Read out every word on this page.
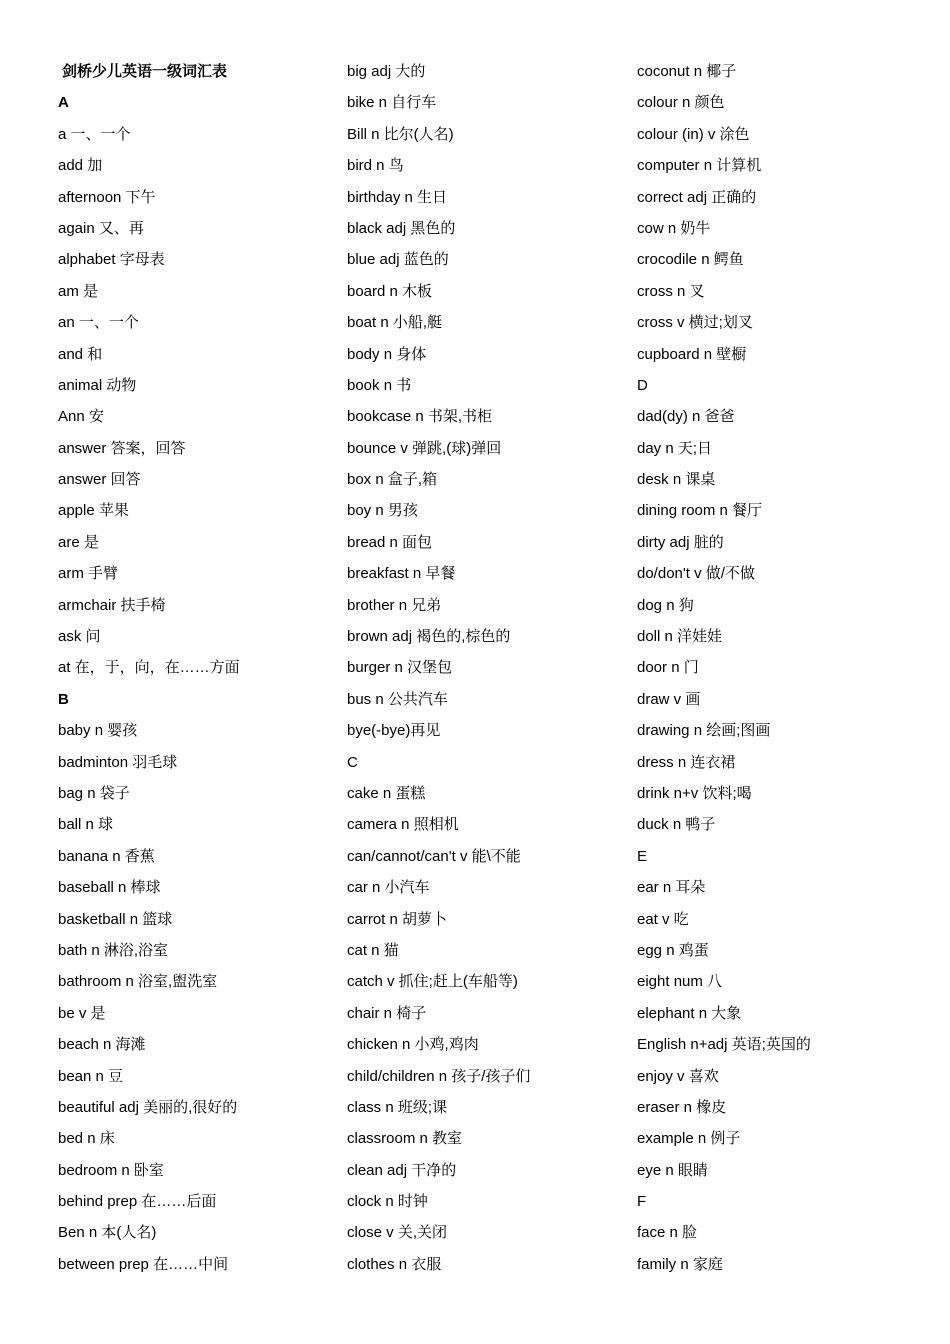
剑桥少儿英语一级词汇表
A
a 一、一个
add 加
afternoon 下午
again 又、再
alphabet 字母表
am 是
an 一、一个
and 和
animal 动物
Ann 安
answer 答案，回答
answer 回答
apple 苹果
are 是
arm 手臂
armchair 扶手椅
ask 问
at 在，于，向，在……方面
B
baby n 婴孩
badminton 羽毛球
bag n 袋子
ball n 球
banana n 香蕉
baseball n 棒球
basketball n 篮球
bath n 淋浴,浴室
bathroom n 浴室,盥洗室
be v 是
beach n 海滩
bean n 豆
beautiful adj 美丽的,很好的
bed n 床
bedroom n 卧室
behind prep 在……后面
Ben n 本(人名)
between prep 在……中间
big adj 大的
bike n 自行车
Bill n 比尔(人名)
bird n 鸟
birthday n 生日
black adj 黑色的
blue adj 蓝色的
board n 木板
boat n 小船,艇
body n 身体
book n 书
bookcase n 书架,书柜
bounce v 弹跳,(球)弹回
box n 盒子,箱
boy n 男孩
bread n 面包
breakfast n 早餐
brother n 兄弟
brown adj 褐色的,棕色的
burger n 汉堡包
bus n 公共汽车
bye(-bye)再见
C
cake n 蛋糕
camera n 照相机
can/cannot/can't v 能\不能
car n 小汽车
carrot n 胡萝卜
cat n 猫
catch v 抓住;赶上(车船等)
chair n 椅子
chicken n 小鸡,鸡肉
child/children n 孩子/孩子们
class n 班级;课
classroom n 教室
clean adj 干净的
clock n 时钟
close v 关,关闭
clothes n 衣服
coconut n 椰子
colour n 颜色
colour (in) v 涂色
computer n 计算机
correct adj 正确的
cow n 奶牛
crocodile n 鳄鱼
cross n 叉
cross v 横过;划叉
cupboard n 壁橱
D
dad(dy) n 爸爸
day n 天;日
desk n 课桌
dining room n 餐厅
dirty adj 脏的
do/don't v 做/不做
dog n 狗
doll n 洋娃娃
door n 门
draw v 画
drawing n 绘画;图画
dress n 连衣裙
drink n+v 饮料;喝
duck n 鸭子
E
ear n 耳朵
eat v 吃
egg n 鸡蛋
eight num 八
elephant n 大象
English n+adj 英语;英国的
enjoy v 喜欢
eraser n 橡皮
example n 例子
eye n 眼睛
F
face n 脸
family n 家庭
